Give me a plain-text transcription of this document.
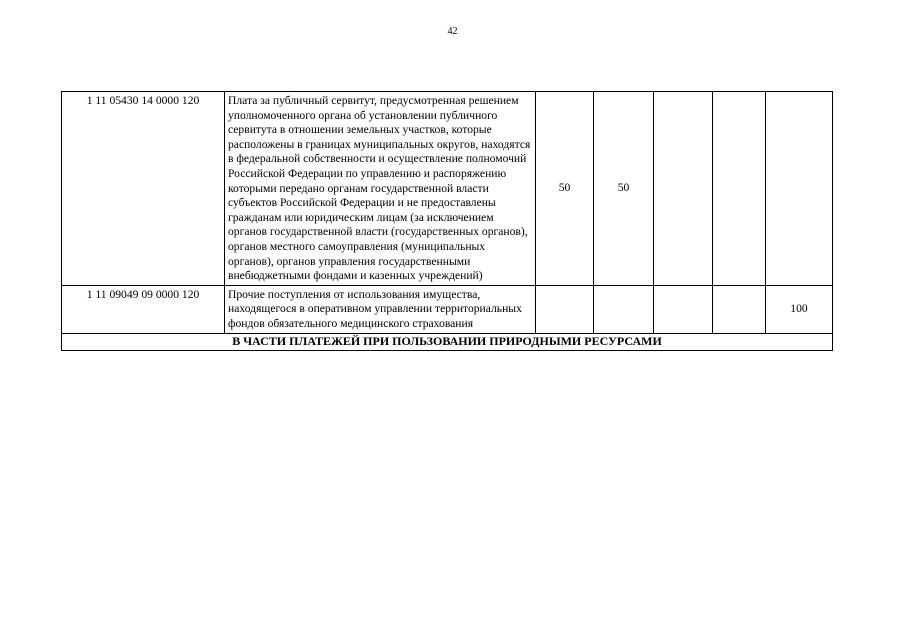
42
1 11 05430 14 0000 120	Плата за публичный сервитут, предусмотренная решением уполномоченного органа об установлении публичного сервитута в отношении земельных участков, которые расположены в границах муниципальных округов, находятся в федеральной собственности и осуществление полномочий Российской Федерации по управлению и распоряжению которыми передано органам государственной власти субъектов Российской Федерации и не предоставлены гражданам или юридическим лицам (за исключением органов государственной власти (государственных органов), органов местного самоуправления (муниципальных органов), органов управления государственными внебюджетными фондами и казенных учреждений)	50	50			
1 11 09049 09 0000 120	Прочие поступления от использования имущества, находящегося в оперативном управлении территориальных фондов обязательного медицинского страхования					100
В ЧАСТИ ПЛАТЕЖЕЙ ПРИ ПОЛЬЗОВАНИИ ПРИРОДНЫМИ РЕСУРСАМИ						
